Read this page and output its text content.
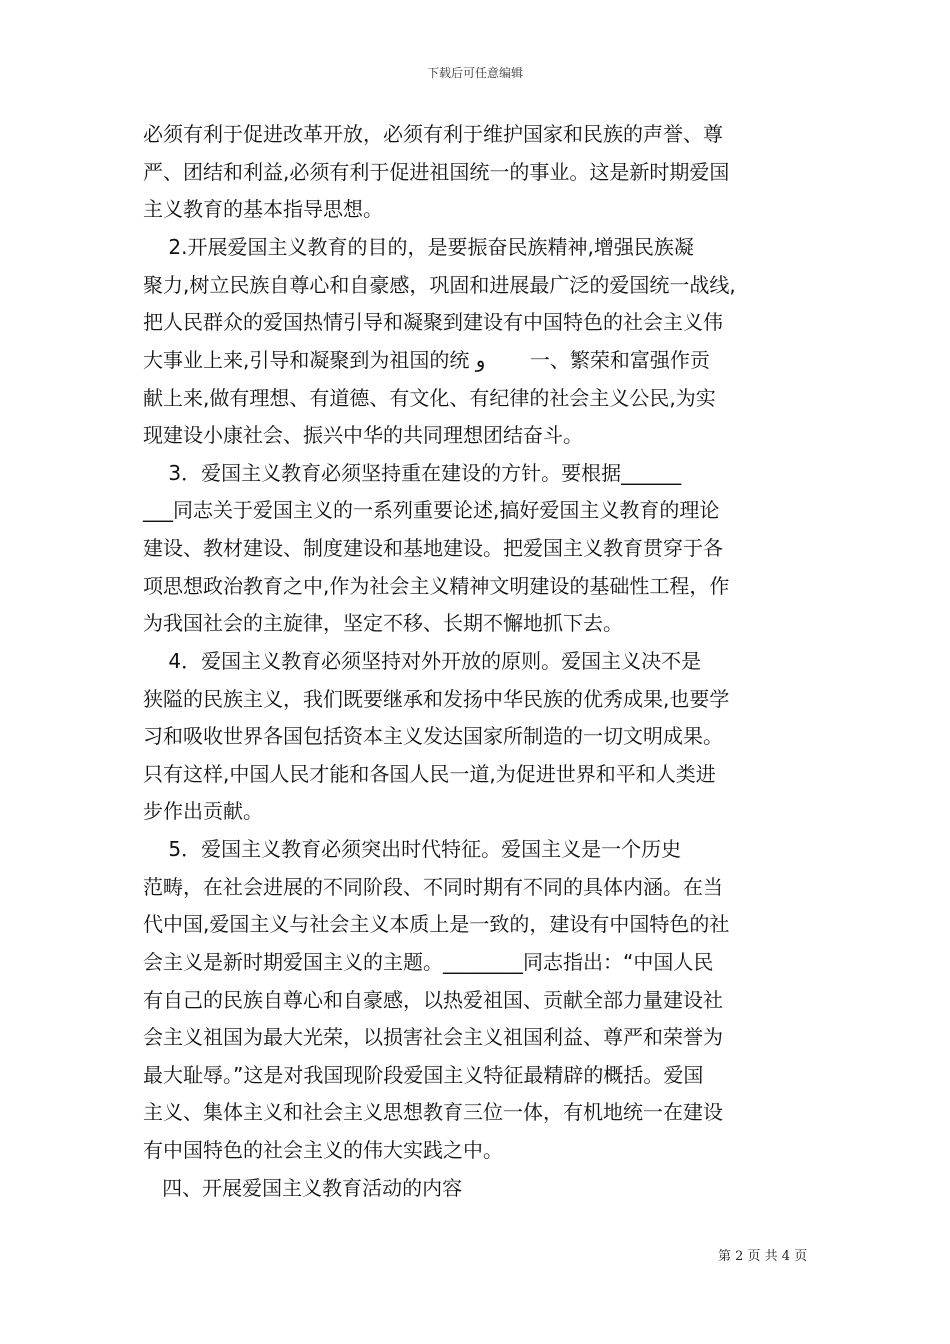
下载后可任意编辑
必须有利于促进改革开放，必须有利于维护国家和民族的声誉、尊
严、团结和利益,必须有利于促进祖国统一的事业。这是新时期爱国
主义教育的基本指导思想。
2.开展爱国主义教育的目的，是要振奋民族精神,增强民族凝
聚力,树立民族自尊心和自豪感，巩固和进展最广泛的爱国统一战线,
把人民群众的爱国热情引导和凝聚到建设有中国特色的社会主义伟
大事业上来,引导和凝聚到为祖国的统 و       一、繁荣和富强作贡
献上来,做有理想、有道德、有文化、有纪律的社会主义公民,为实
现建设小康社会、振兴中华的共同理想团结奋斗。
3．爱国主义教育必须坚持重在建设的方针。要根据______
___同志关于爱国主义的一系列重要论述,搞好爱国主义教育的理论
建设、教材建设、制度建设和基地建设。把爱国主义教育贯穿于各
项思想政治教育之中,作为社会主义精神文明建设的基础性工程，作
为我国社会的主旋律，坚定不移、长期不懈地抓下去。
4．爱国主义教育必须坚持对外开放的原则。爱国主义决不是
狭隘的民族主义，我们既要继承和发扬中华民族的优秀成果,也要学
习和吸收世界各国包括资本主义发达国家所制造的一切文明成果。
只有这样,中国人民才能和各国人民一道,为促进世界和平和人类进
步作出贡献。
5．爱国主义教育必须突出时代特征。爱国主义是一个历史
范畴，在社会进展的不同阶段、不同时期有不同的具体内涵。在当
代中国,爱国主义与社会主义本质上是一致的，建设有中国特色的社
会主义是新时期爱国主义的主题。________同志指出：“中国人民
有自己的民族自尊心和自豪感，以热爱祖国、贡献全部力量建设社
会主义祖国为最大光荣，以损害社会主义祖国利益、尊严和荣誉为
最大耻辱。”这是对我国现阶段爱国主义特征最精辟的概括。爱国
主义、集体主义和社会主义思想教育三位一体，有机地统一在建设
有中国特色的社会主义的伟大实践之中。
四、开展爱国主义教育活动的内容
第 2 页 共 4 页
